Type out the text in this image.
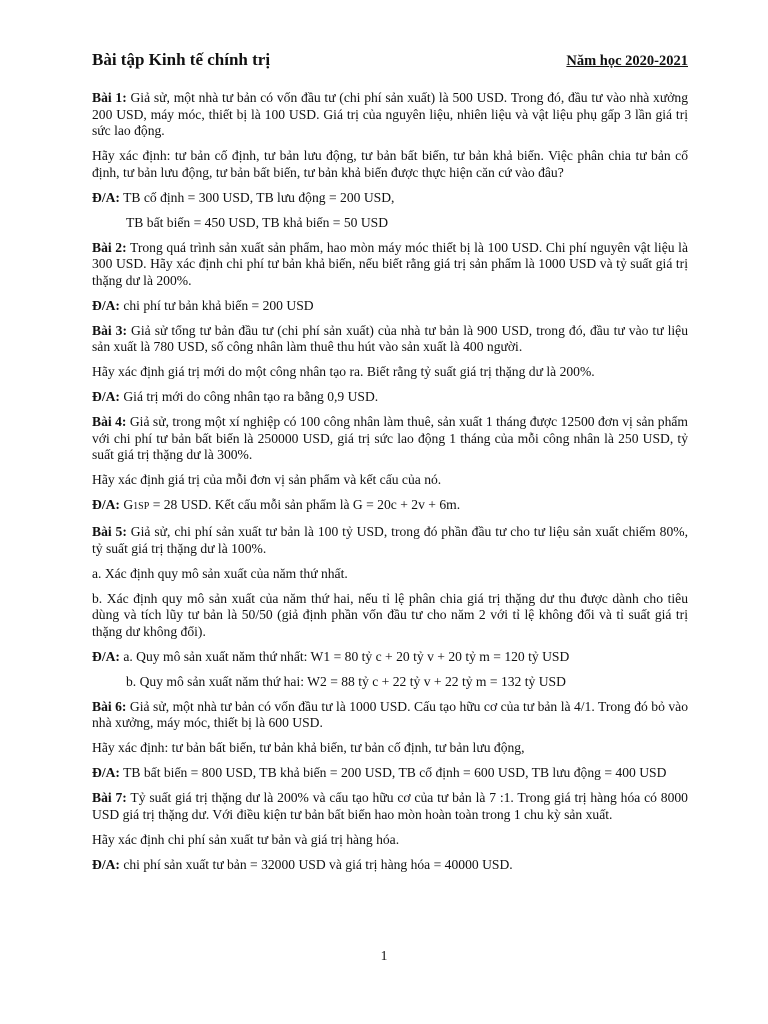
Bài tập Kinh tế chính trị	Năm học 2020-2021

Bài 1: Giả sử, một nhà tư bản có vốn đầu tư (chi phí sản xuất) là 500 USD. Trong đó, đầu tư vào nhà xưởng 200 USD, máy móc, thiết bị là 100 USD. Giá trị của nguyên liệu, nhiên liệu và vật liệu phụ gấp 3 lần giá trị sức lao động.

Hãy xác định: tư bản cố định, tư bản lưu động, tư bản bất biến, tư bản khả biến. Việc phân chia tư bản cố định, tư bản lưu động, tư bản bất biến, tư bản khả biến được thực hiện căn cứ vào đâu?

Đ/A: TB cố định = 300 USD, TB lưu động = 200 USD,

TB bất biến = 450 USD, TB khả biến = 50 USD

Bài 2: Trong quá trình sản xuất sản phẩm, hao mòn máy móc thiết bị là 100 USD. Chi phí nguyên vật liệu là 300 USD. Hãy xác định chi phí tư bản khả biến, nếu biết rằng giá trị sản phẩm là 1000 USD và tỷ suất giá trị thặng dư là 200%.

Đ/A: chi phí tư bản khả biến = 200 USD

Bài 3: Giả sử tổng tư bản đầu tư (chi phí sản xuất) của nhà tư bản là 900 USD, trong đó, đầu tư vào tư liệu sản xuất là 780 USD, số công nhân làm thuê thu hút vào sản xuất là 400 người.

Hãy xác định giá trị mới do một công nhân tạo ra. Biết rằng tỷ suất giá trị thặng dư là 200%.

Đ/A: Giá trị mới do công nhân tạo ra bằng 0,9 USD.

Bài 4: Giả sử, trong một xí nghiệp có 100 công nhân làm thuê, sản xuất 1 tháng được 12500 đơn vị sản phẩm với chi phí tư bản bất biến là 250000 USD, giá trị sức lao động 1 tháng của mỗi công nhân là 250 USD, tỷ suất giá trị thặng dư là 300%.

Hãy xác định giá trị của mỗi đơn vị sản phẩm và kết cấu của nó.

Đ/A: G1SP = 28 USD. Kết cấu mỗi sản phẩm là G = 20c + 2v + 6m.

Bài 5: Giả sử, chi phí sản xuất tư bản là 100 tỷ USD, trong đó phần đầu tư cho tư liệu sản xuất chiếm 80%, tỷ suất giá trị thặng dư là 100%.

a. Xác định quy mô sản xuất của năm thứ nhất.

b. Xác định quy mô sản xuất của năm thứ hai, nếu tỉ lệ phân chia giá trị thặng dư thu được dành cho tiêu dùng và tích lũy tư bản là 50/50 (giả định phần vốn đầu tư cho năm 2 với tỉ lệ không đổi và tỉ suất giá trị thặng dư không đổi).

Đ/A: a. Quy mô sản xuất năm thứ nhất: W1 = 80 tỷ c + 20 tỷ v + 20 tỷ m = 120 tỷ USD

b. Quy mô sản xuất năm thứ hai: W2 = 88 tỷ c + 22 tỷ v + 22 tỷ m = 132 tỷ USD

Bài 6: Giả sử, một nhà tư bản có vốn đầu tư là 1000 USD. Cấu tạo hữu cơ của tư bản là 4/1. Trong đó bỏ vào nhà xưởng, máy móc, thiết bị là 600 USD.

Hãy xác định: tư bản bất biến, tư bản khả biến, tư bản cố định, tư bản lưu động,

Đ/A: TB bất biến = 800 USD, TB khả biến = 200 USD, TB cố định = 600 USD, TB lưu động = 400 USD

Bài 7: Tỷ suất giá trị thặng dư là 200% và cấu tạo hữu cơ của tư bản là 7 :1. Trong giá trị hàng hóa có 8000 USD giá trị thặng dư. Với điều kiện tư bản bất biến hao mòn hoàn toàn trong 1 chu kỳ sản xuất.

Hãy xác định chi phí sản xuất tư bản và giá trị hàng hóa.

Đ/A: chi phí sản xuất tư bản = 32000 USD và giá trị hàng hóa = 40000 USD.

1
